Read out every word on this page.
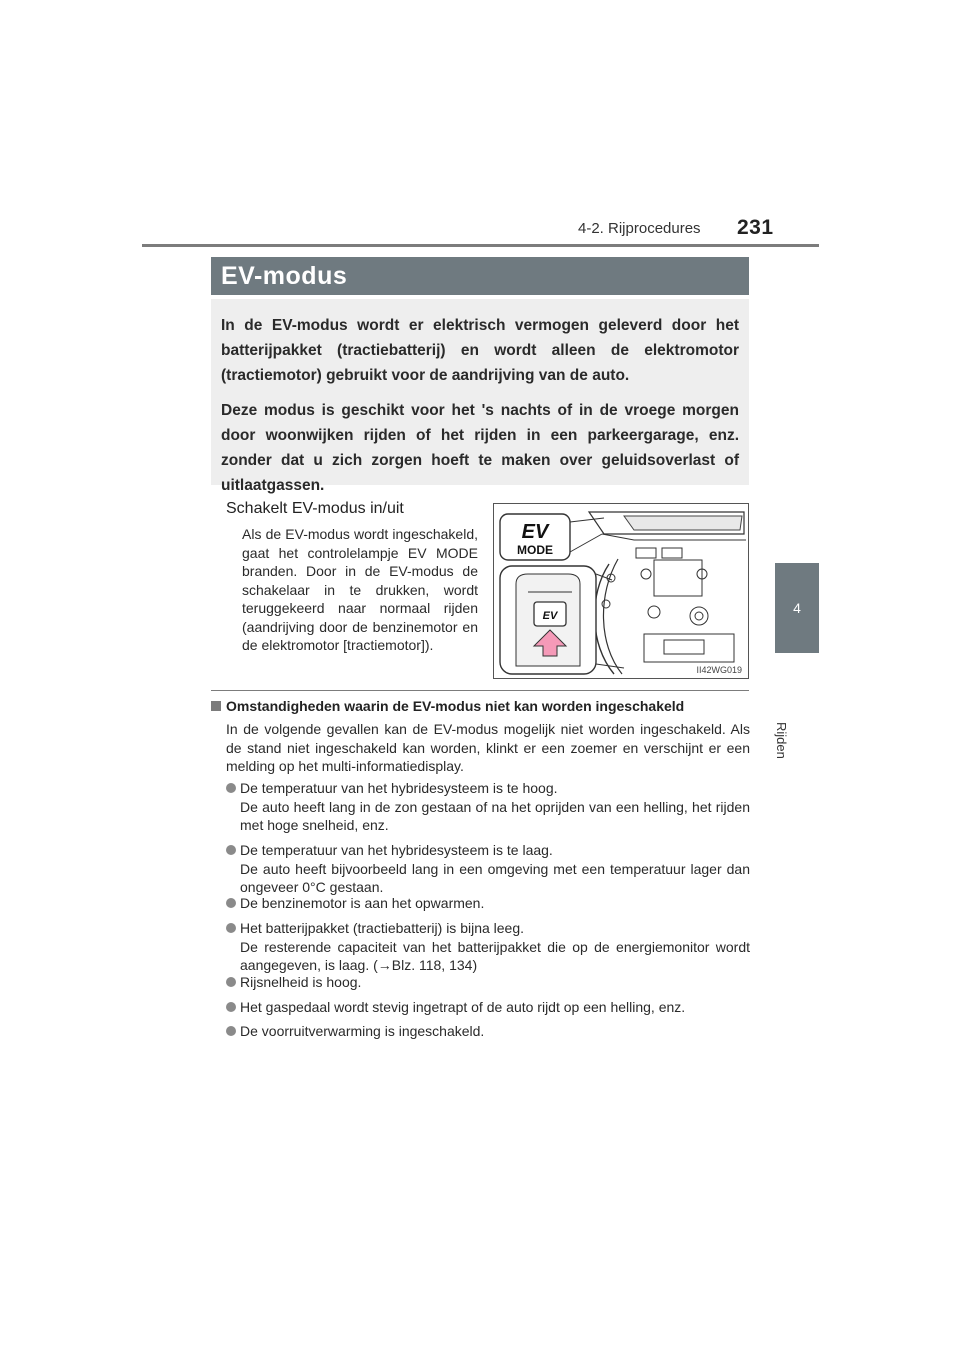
4-2. Rijprocedures 231
4
Rijden
EV-modus

In de EV-modus wordt er elektrisch vermogen geleverd door het batterijpakket (tractiebatterij) en wordt alleen de elektromotor (tractiemotor) gebruikt voor de aandrijving van de auto.

Deze modus is geschikt voor het 's nachts of in de vroege morgen door woonwijken rijden of het rijden in een parkeergarage, enz. zonder dat u zich zorgen hoeft te maken over geluidsoverlast of uitlaatgassen.

Schakelt EV-modus in/uit

Als de EV-modus wordt ingeschakeld, gaat het controlelampje EV MODE branden. Door in de EV-modus de schakelaar in te drukken, wordt teruggekeerd naar normaal rijden (aandrijving door de benzinemotor en de elektromotor [tractiemotor]).

EV
MODE
EV
II42WG019
Omstandigheden waarin de EV-modus niet kan worden ingeschakeld

In de volgende gevallen kan de EV-modus mogelijk niet worden ingeschakeld. Als de stand niet ingeschakeld kan worden, klinkt er een zoemer en verschijnt er een melding op het multi-informatiedisplay.

De temperatuur van het hybridesysteem is te hoog.
De auto heeft lang in de zon gestaan of na het oprijden van een helling, het rijden met hoge snelheid, enz.
De temperatuur van het hybridesysteem is te laag.
De auto heeft bijvoorbeeld lang in een omgeving met een temperatuur lager dan ongeveer 0°C gestaan.
De benzinemotor is aan het opwarmen.
Het batterijpakket (tractiebatterij) is bijna leeg.
De resterende capaciteit van het batterijpakket die op de energiemonitor wordt aangegeven, is laag. (→Blz. 118, 134)
Rijsnelheid is hoog.
Het gaspedaal wordt stevig ingetrapt of de auto rijdt op een helling, enz.
De voorruitverwarming is ingeschakeld.
